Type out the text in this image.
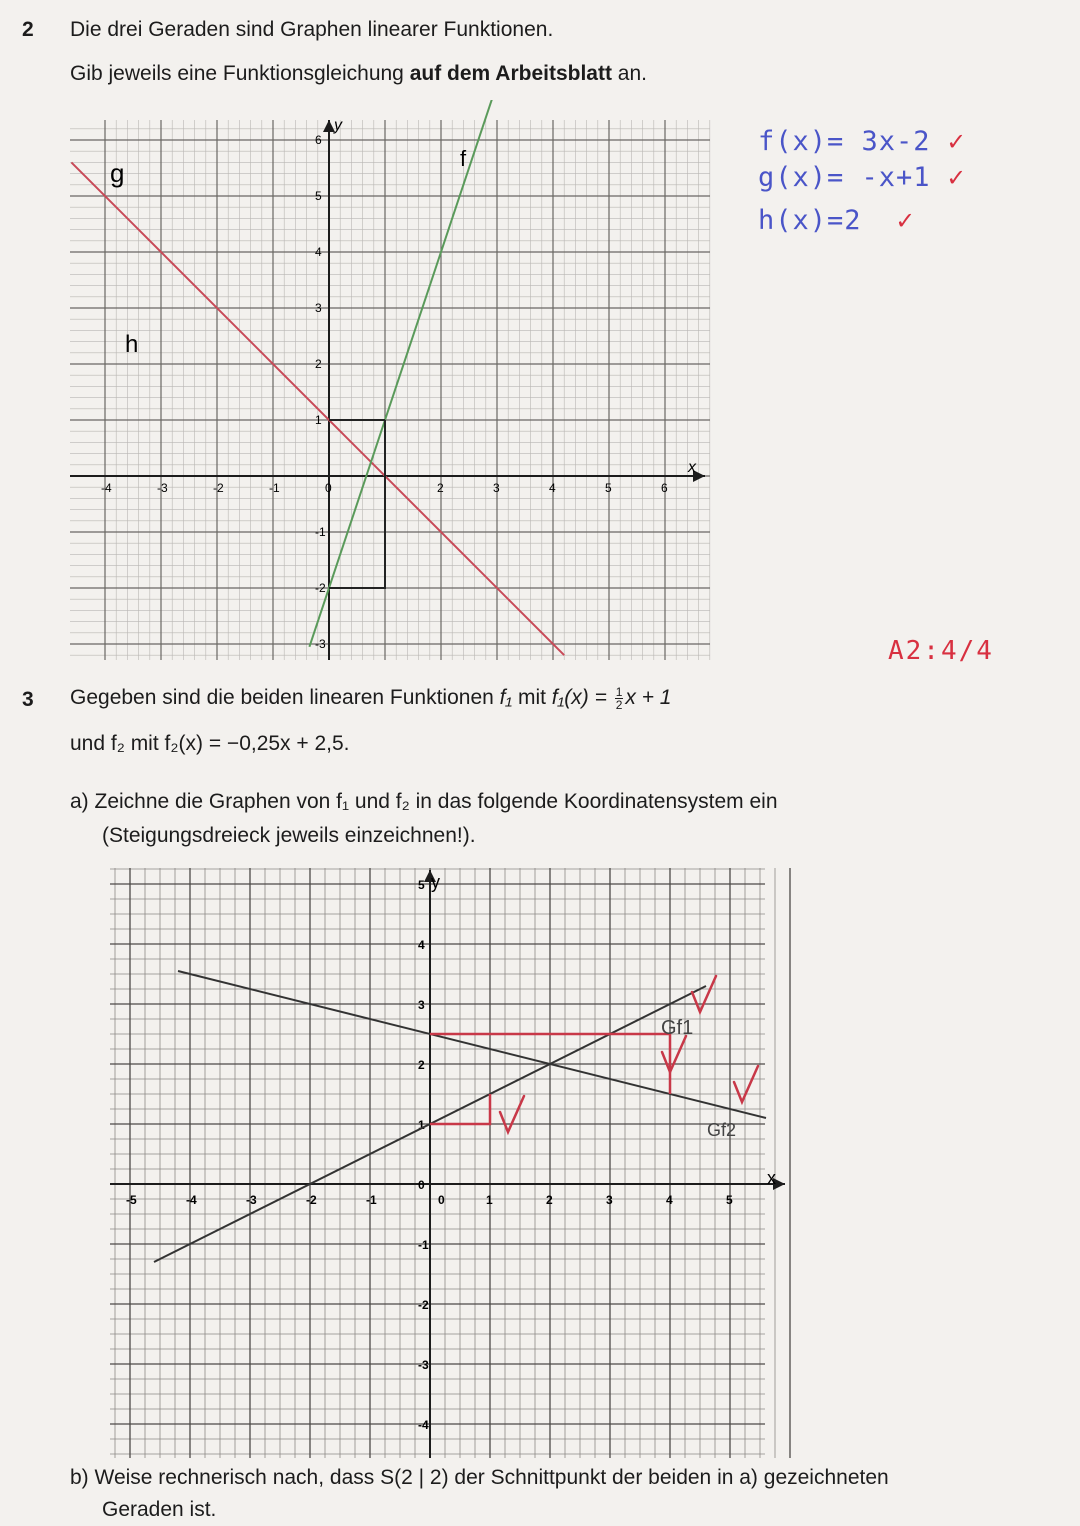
2 Die drei Geraden sind Graphen linearer Funktionen.
Gib jeweils eine Funktionsgleichung auf dem Arbeitsblatt an.
-4	-3	-2	-1	0	2	3	4	5	6
6
5
4
3
2
1
-1
-2
-3
g
h
f
x
y
f(x)= 3x-2 ✓
g(x)= -x+1 ✓
h(x)=2 ✓
A2:4/4
3 Gegeben sind die beiden linearen Funktionen f₁ mit $f_1(x) = \frac{1}{2}$ x + 1
und f₂ mit f₂(x) = −0,25x + 2,5.
a) Zeichne die Graphen von f₁ und f₂ in das folgende Koordinatensystem ein
(Steigungsdreieck jeweils einzeichnen!).
-5	-4	-3	-2	-1	0	1	2	3	4	5
5
4
3
2
1
0
-1
-2
-3
-4
y
x
Gf1
Gf2
b) Weise rechnerisch nach, dass S(2 | 2) der Schnittpunkt der beiden in a) gezeichneten
Geraden ist.
